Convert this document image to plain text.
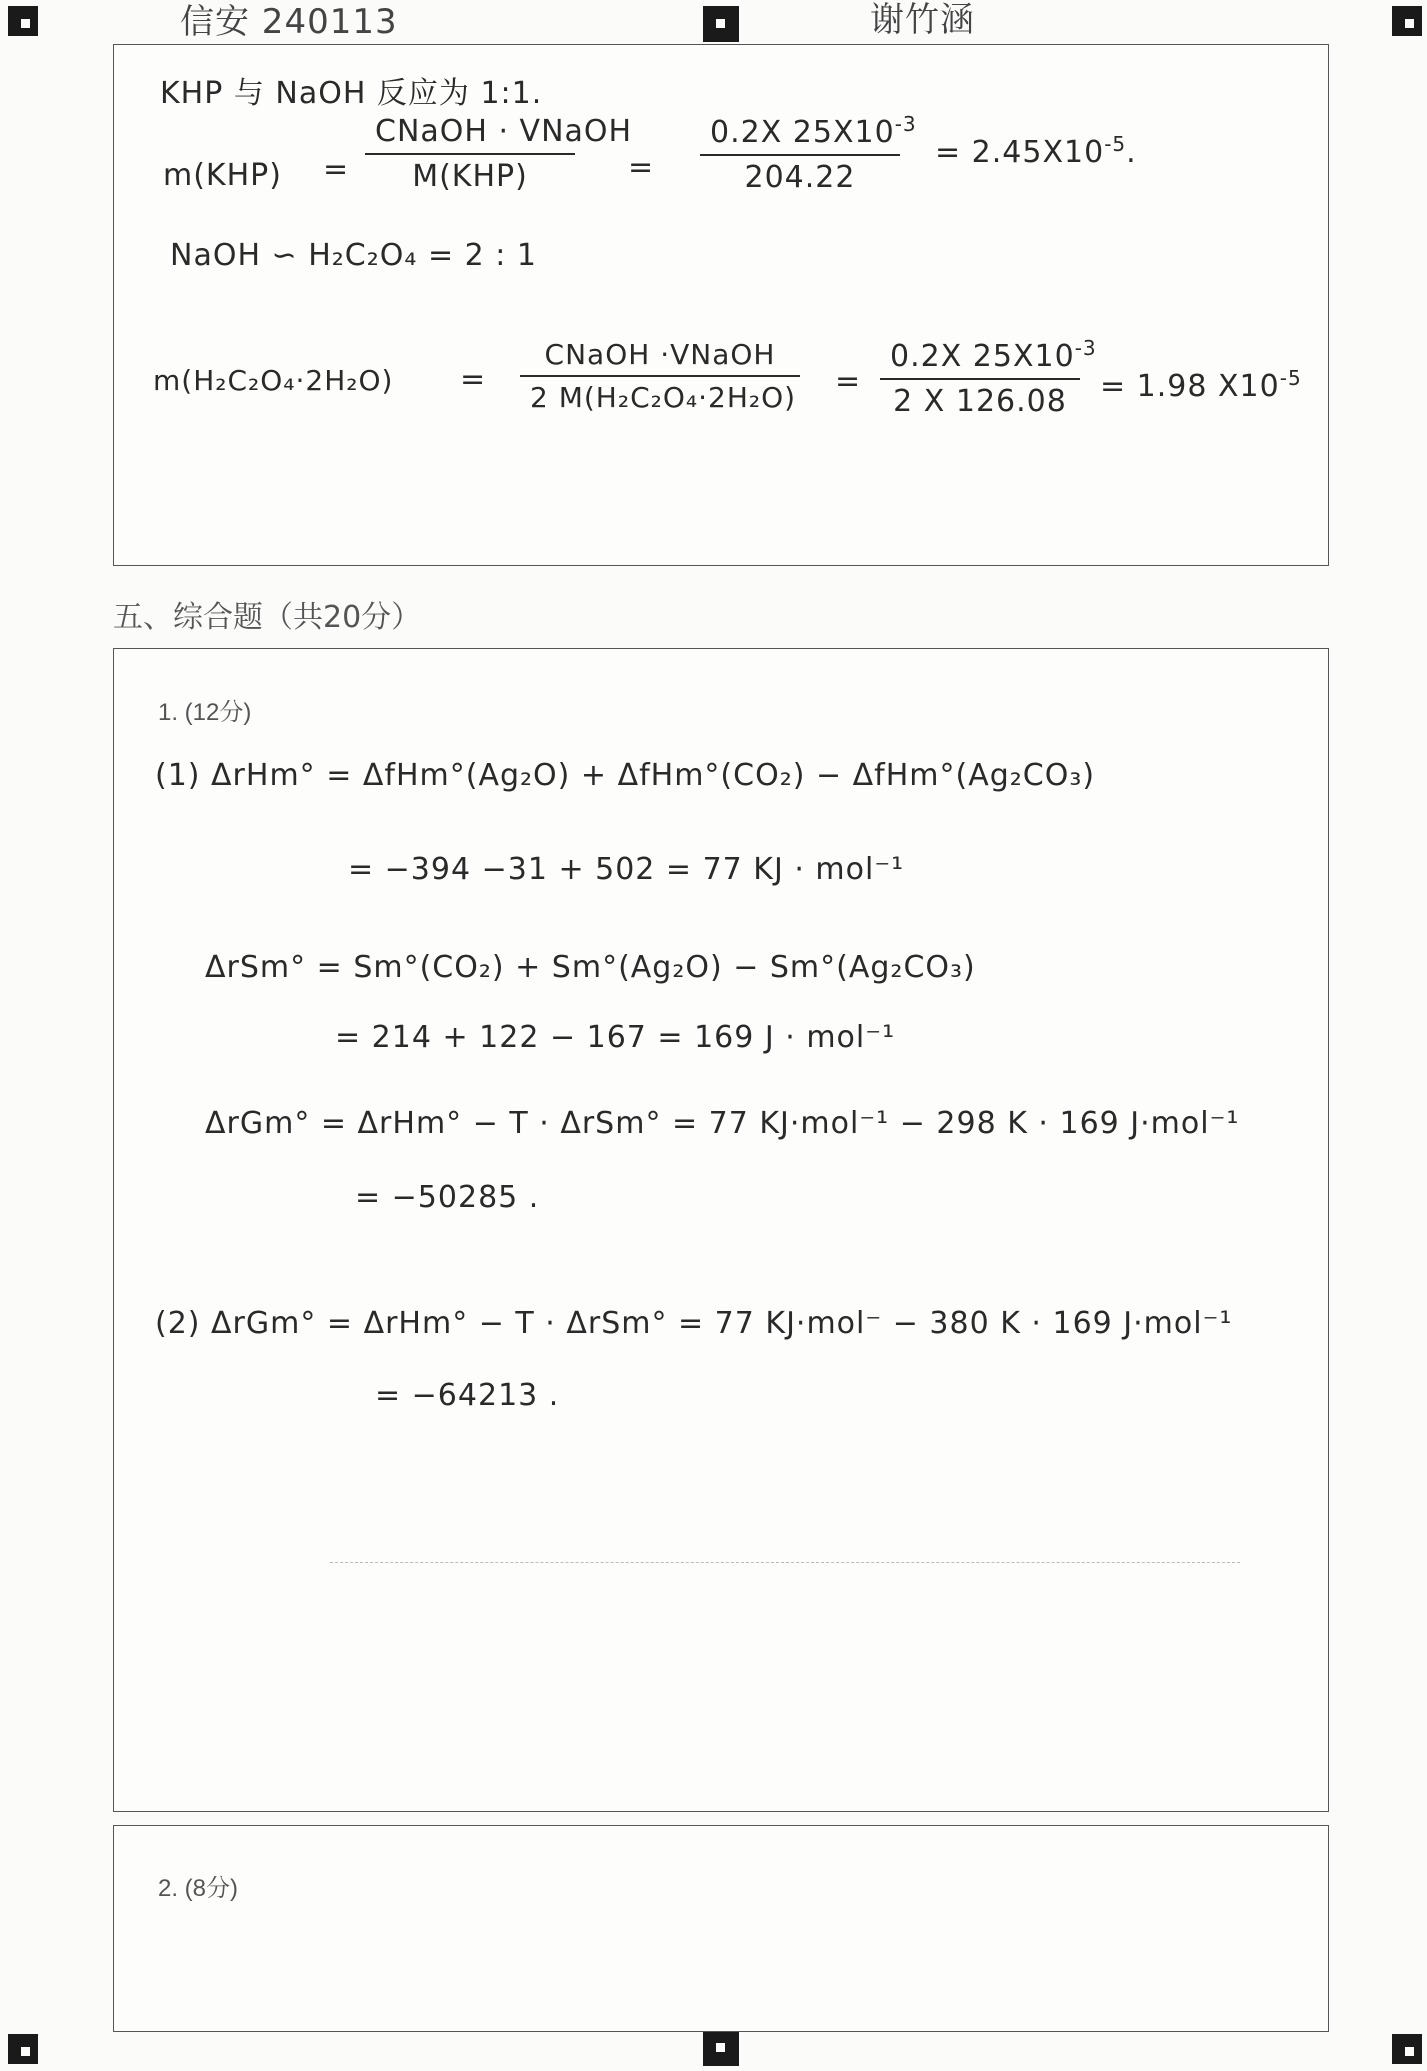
信安 240113	谢竹涵
KHP 与 NaOH 反应为 1:1.
m(KHP) =
CNaOH · VNaOH
M(KHP)	=
0.2X $25X10^{-3}$
204.22
= $2.45X10^{-5}$.
NaOH ∽ H₂C₂O₄ = 2 : 1
m(H₂C₂O₄·2H₂O) =
CNaOH ·VNaOH
2 M(H₂C₂O₄·2H₂O) =
0.2X $25X10^{-3}$
2 X 126.08	= 1.98 $X10^{-5}$
五、综合题（共20分）
1. (12分)
(1) ΔrHm° = ΔfHm°(Ag₂O) + ΔfHm°(CO₂) − ΔfHm°(Ag₂CO₃)
= −394 −31 + 502 = 77 KJ · mol⁻¹
ΔrSm° = Sm°(CO₂) + Sm°(Ag₂O) − Sm°(Ag₂CO₃)
= 214 + 122 − 167 = 169 J · mol⁻¹
ΔrGm° = ΔrHm° − T · ΔrSm° = 77 KJ·mol⁻¹ − 298 K · 169 J·mol⁻¹
= −50285 .
(2) ΔrGm° = ΔrHm° − T · ΔrSm° = 77 KJ·mol⁻ − 380 K · 169 J·mol⁻¹
= −64213 .
2. (8分)
